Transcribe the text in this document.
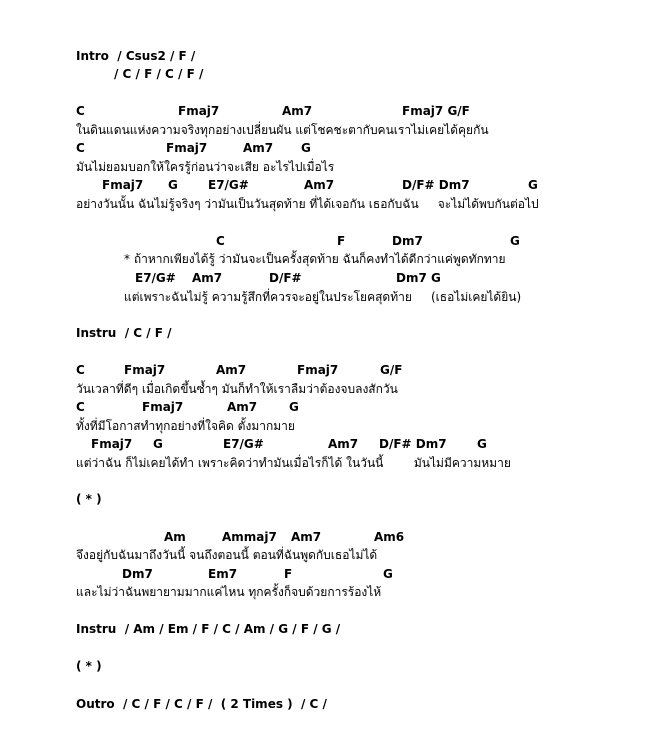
Intro  / Csus2 / F /
/ C / F / C / F /
C	Fmaj7	Am7	Fmaj7 G/F
ในดินแดนแห่งความจริงทุกอย่างเปลี่ยนผัน แต่โชคชะตากับคนเราไม่เคยได้คุยกัน
C	Fmaj7	Am7 G
มันไม่ยอมบอกให้ใครรู้ก่อนว่าจะเสีย อะไรไปเมื่อไร
Fmaj7 G	E7/G#	Am7	D/F# Dm7	G
อย่างวันนั้น ฉันไม่รู้จริงๆ ว่ามันเป็นวันสุดท้าย ที่ได้เจอกัน เธอกับฉัน     จะไม่ได้พบกันต่อไป
C	F	Dm7	G
* ถ้าหากเพียงได้รู้ ว่ามันจะเป็นครั้งสุดท้าย ฉันก็คงทำได้ดีกว่าแค่พูดทักทาย
E7/G# Am7	D/F#	Dm7 G
แต่เพราะฉันไม่รู้ ความรู้สึกที่ควรจะอยู่ในประโยคสุดท้าย     (เธอไม่เคยได้ยิน)
Instru  / C / F /
C	Fmaj7	Am7	Fmaj7	G/F
วันเวลาที่ดีๆ เมื่อเกิดขึ้นซ้ำๆ มันก็ทำให้เราลืมว่าต้องจบลงสักวัน
C	Fmaj7	Am7	G
ทั้งที่มีโอกาสทำทุกอย่างที่ใจคิด ตั้งมากมาย
Fmaj7 G	E7/G#	Am7 D/F# Dm7	G
แต่ว่าฉัน ก็ไม่เคยได้ทำ เพราะคิดว่าทำมันเมื่อไรก็ได้ ในวันนี้        มันไม่มีความหมาย
( * )
Am	Ammaj7 Am7	Am6
จึงอยู่กับฉันมาถึงวันนี้ จนถึงตอนนี้ ตอนที่ฉันพูดกับเธอไม่ได้
Dm7	Em7	F	G
และไม่ว่าฉันพยายามมากแค่ไหน ทุกครั้งก็จบด้วยการร้องไห้
Instru  / Am / Em / F / C / Am / G / F / G /
( * )
Outro  / C / F / C / F /  ( 2 Times )  / C /
